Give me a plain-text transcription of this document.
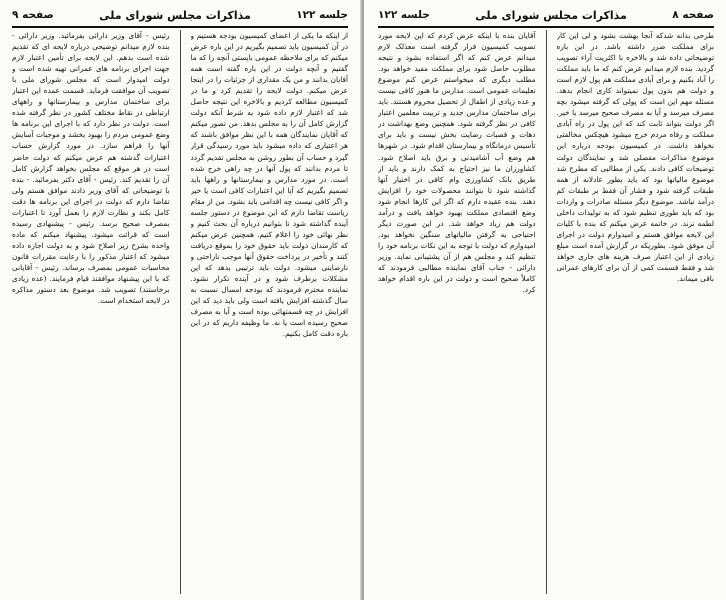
جلسه ۱۲۲
مذاکرات مجلس شورای ملی
صفحه ۹

از اینکه ما یکی از اعضای کمیسیون بودجه هستیم و در آن کمیسیون باید تصمیم بگیریم در این باره عرض میکنم که برای ملاحظه عمومی بایستی آنچه را که ما گفتیم و آنچه دولت در این باره گفته است همه آقایان بدانند و من یک مقداری از جزئیات را در اینجا عرض میکنم. دولت لایحه را تقدیم کرد و ما در کمیسیون مطالعه کردیم و بالاخره این نتیجه حاصل شد که اعتبار لازم داده شود به شرط آنکه دولت گزارش کامل آن را به مجلس بدهد. من تصور میکنم که آقایان نمایندگان همه با این نظر موافق باشند که هر اعتباری که داده میشود باید مورد رسیدگی قرار گیرد و حساب آن بطور روشن به مجلس تقدیم گردد تا مردم بدانند که پول آنها در چه راهی خرج شده است. در مورد مدارس و بیمارستانها و راهها باید تصمیم بگیریم که آیا این اعتبارات کافی است یا خیر و اگر کافی نیست چه اقدامی باید بشود. من از مقام ریاست تقاضا دارم که این موضوع در دستور جلسه آینده گذاشته شود تا بتوانیم درباره آن بحث کنیم و نظر نهائی خود را اعلام کنیم. همچنین عرض میکنم که کارمندان دولت باید حقوق خود را بموقع دریافت کنند و تأخیر در پرداخت حقوق آنها موجب ناراحتی و نارضایتی میشود. دولت باید ترتیبی بدهد که این مشکلات برطرف شود و در آینده تکرار نشود. نماینده محترم فرمودند که بودجه امسال نسبت به سال گذشته افزایش یافته است ولی باید دید که این افزایش در چه قسمتهائی بوده است و آیا به مصرف صحیح رسیده است یا نه. ما وظیفه داریم که در این باره دقت کامل بکنیم.

رئیس - آقای وزیر دارائی بفرمائید. وزیر دارائی - بنده لازم میدانم توضیحی درباره لایحه ای که تقدیم شده است بدهم. این لایحه برای تأمین اعتبار لازم جهت اجرای برنامه های عمرانی تهیه شده است و دولت امیدوار است که مجلس شورای ملی با تصویب آن موافقت فرماید. قسمت عمده این اعتبار برای ساختمان مدارس و بیمارستانها و راههای ارتباطی در نقاط مختلف کشور در نظر گرفته شده است. دولت در نظر دارد که با اجرای این برنامه ها وضع عمومی مردم را بهبود بخشد و موجبات آسایش آنها را فراهم سازد. در مورد گزارش حساب اعتبارات گذشته هم عرض میکنم که دولت حاضر است در هر موقع که مجلس بخواهد گزارش کامل آن را تقدیم کند. رئیس - آقای دکتر بفرمائید. - بنده با توضیحاتی که آقای وزیر دادند موافق هستم ولی تقاضا دارم که دولت در اجرای این برنامه ها دقت کامل بکند و نظارت لازم را بعمل آورد تا اعتبارات بمصرف صحیح برسد. رئیس - پیشنهادی رسیده است که قرائت میشود. پیشنهاد میکنم که ماده واحده بشرح زیر اصلاح شود و به دولت اجازه داده میشود که اعتبار مذکور را با رعایت مقررات قانون محاسبات عمومی بمصرف برساند. رئیس - آقایانی که با این پیشنهاد موافقند قیام فرمایند. (عده زیادی برخاستند) تصویب شد. موضوع بعد دستور مذاکره در لایحه استخدام است.

صفحه ۸
مذاکرات مجلس شورای ملی
جلسه ۱۲۲

طرحی بدانه شدکه آنجا بهشت بشود و لی این کار برای مملکت ضرر داشته باشد. در این باره توضیحاتی داده شد و بالاخره با اکثریت آراء تصویب گردید. بنده لازم میدانم عرض کنم که ما باید مملکت را آباد بکنیم و برای آبادی مملکت هم پول لازم است و دولت هم بدون پول نمیتواند کاری انجام بدهد. مسئله مهم این است که پولی که گرفته میشود بچه مصرف میرسد و آیا به مصرف صحیح میرسد یا خیر. اگر دولت بتواند ثابت کند که این پول در راه آبادی مملکت و رفاه مردم خرج میشود هیچکس مخالفتی نخواهد داشت. در کمیسیون بودجه درباره این موضوع مذاکرات مفصلی شد و نمایندگان دولت توضیحات کافی دادند. یکی از مطالبی که مطرح شد موضوع مالیاتها بود که باید بطور عادلانه از همه طبقات گرفته شود و فشار آن فقط بر طبقات کم درآمد نباشد. موضوع دیگر مسئله صادرات و واردات بود که باید طوری تنظیم شود که به تولیدات داخلی لطمه نزند. در خاتمه عرض میکنم که بنده با کلیات این لایحه موافق هستم و امیدوارم دولت در اجرای آن موفق شود. بطوریکه در گزارش آمده است مبلغ زیادی از این اعتبار صرف هزینه های جاری خواهد شد و فقط قسمت کمی از آن برای کارهای عمرانی باقی میماند.

آقایان بنده با اینکه عرض کردم که این لایحه مورد تصویب کمیسیون قرار گرفته است معذلک لازم میدانم عرض کنم که اگر استفاده بشود و نتیجه مطلوب حاصل شود برای مملکت مفید خواهد بود. مطلب دیگری که میخواستم عرض کنم موضوع تعلیمات عمومی است. مدارس ما هنوز کافی نیست و عده زیادی از اطفال از تحصیل محروم هستند. باید برای ساختمان مدارس جدید و تربیت معلمین اعتبار کافی در نظر گرفته شود. همچنین وضع بهداشت در دهات و قصبات رضایت بخش نیست و باید برای تأسیس درمانگاه و بیمارستان اقدام شود. در شهرها هم وضع آب آشامیدنی و برق باید اصلاح شود. کشاورزان ما نیز احتیاج به کمک دارند و باید از طریق بانک کشاورزی وام کافی در اختیار آنها گذاشته شود تا بتوانند محصولات خود را افزایش دهند. بنده عقیده دارم که اگر این کارها انجام شود وضع اقتصادی مملکت بهبود خواهد یافت و درآمد دولت هم زیاد خواهد شد. در این صورت دیگر احتیاجی به گرفتن مالیاتهای سنگین نخواهد بود. امیدوارم که دولت با توجه به این نکات برنامه خود را تنظیم کند و مجلس هم از آن پشتیبانی نماید. وزیر دارائی - جناب آقای نماینده مطالبی فرمودند که کاملاً صحیح است و دولت در این باره اقدام خواهد کرد.
